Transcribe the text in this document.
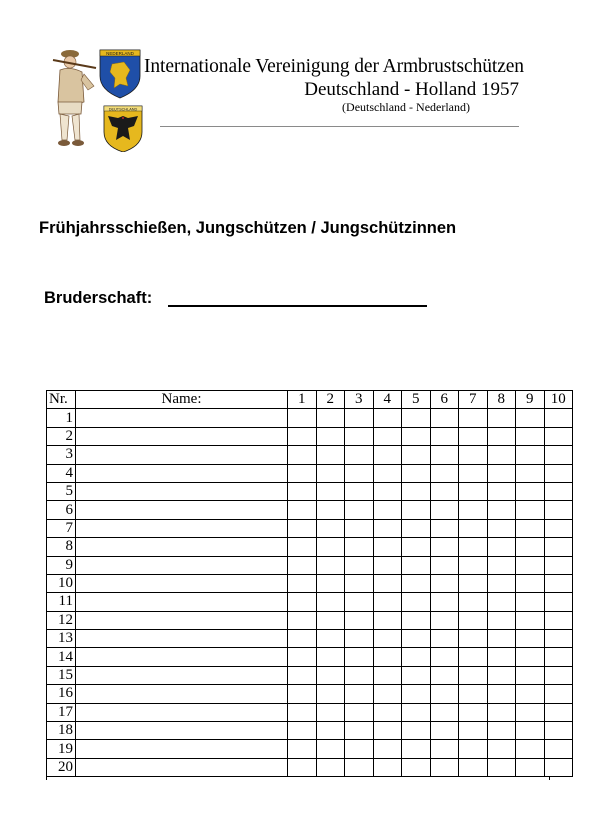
NEDERLAND
DEUTSCHLAND
Internationale Vereinigung der Armbrustschützen
Deutschland - Holland 1957
(Deutschland - Nederland)
Frühjahrsschießen, Jungschützen / Jungschützinnen
Bruderschaft:
Nr.	Name:	1	2	3	4	5	6	7	8	9	10
1											
2											
3											
4											
5											
6											
7											
8											
9											
10											
11											
12											
13											
14											
15											
16											
17											
18											
19											
20											
